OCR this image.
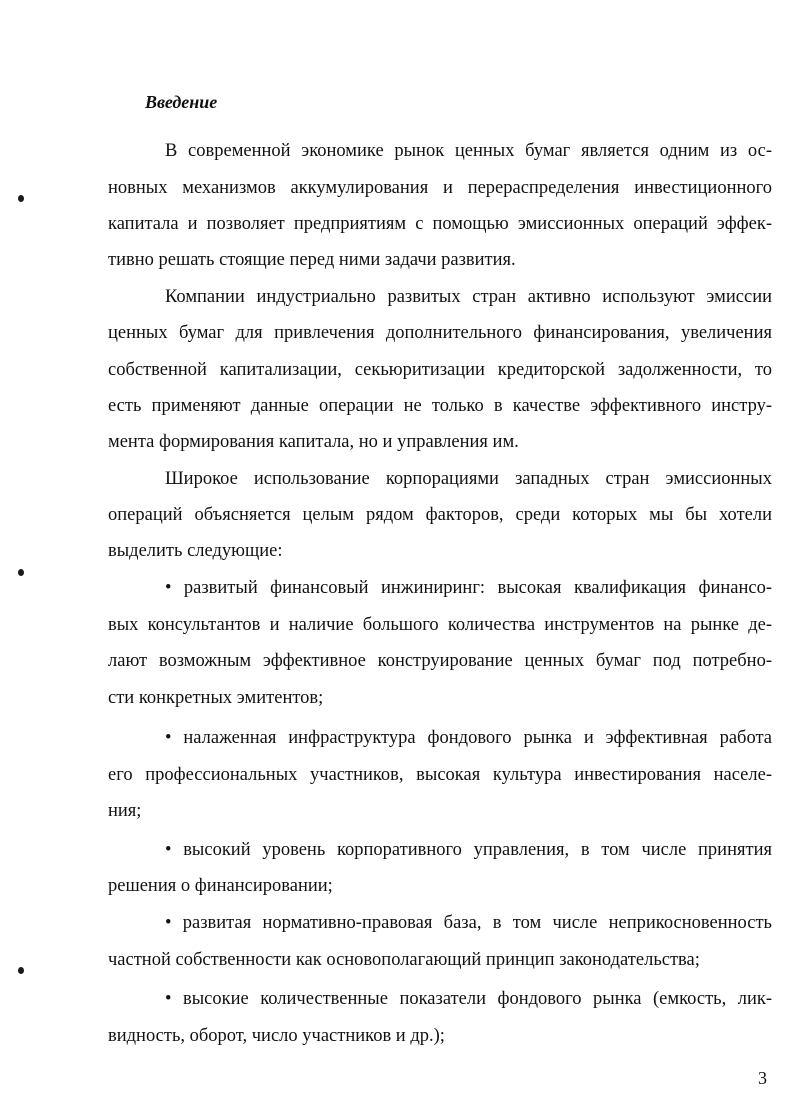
Введение
В современной экономике рынок ценных бумаг является одним из ос-
новных механизмов аккумулирования и перераспределения инвестиционного
капитала и позволяет предприятиям с помощью эмиссионных операций эффек-
тивно решать стоящие перед ними задачи развития.
Компании индустриально развитых стран активно используют эмиссии
ценных бумаг для привлечения дополнительного финансирования, увеличения
собственной капитализации, секьюритизации кредиторской задолженности, то
есть применяют данные операции не только в качестве эффективного инстру-
мента формирования капитала, но и управления им.
Широкое использование корпорациями западных стран эмиссионных
операций объясняется целым рядом факторов, среди которых мы бы хотели
выделить следующие:
• развитый финансовый инжиниринг: высокая квалификация финансо-
вых консультантов и наличие большого количества инструментов на рынке де-
лают возможным эффективное конструирование ценных бумаг под потребно-
сти конкретных эмитентов;
• налаженная инфраструктура фондового рынка и эффективная работа
его профессиональных участников, высокая культура инвестирования населе-
ния;
• высокий уровень корпоративного управления, в том числе принятия
решения о финансировании;
• развитая нормативно-правовая база, в том числе неприкосновенность
частной собственности как основополагающий принцип законодательства;
• высокие количественные показатели фондового рынка (емкость, лик-
видность, оборот, число участников и др.);
3
